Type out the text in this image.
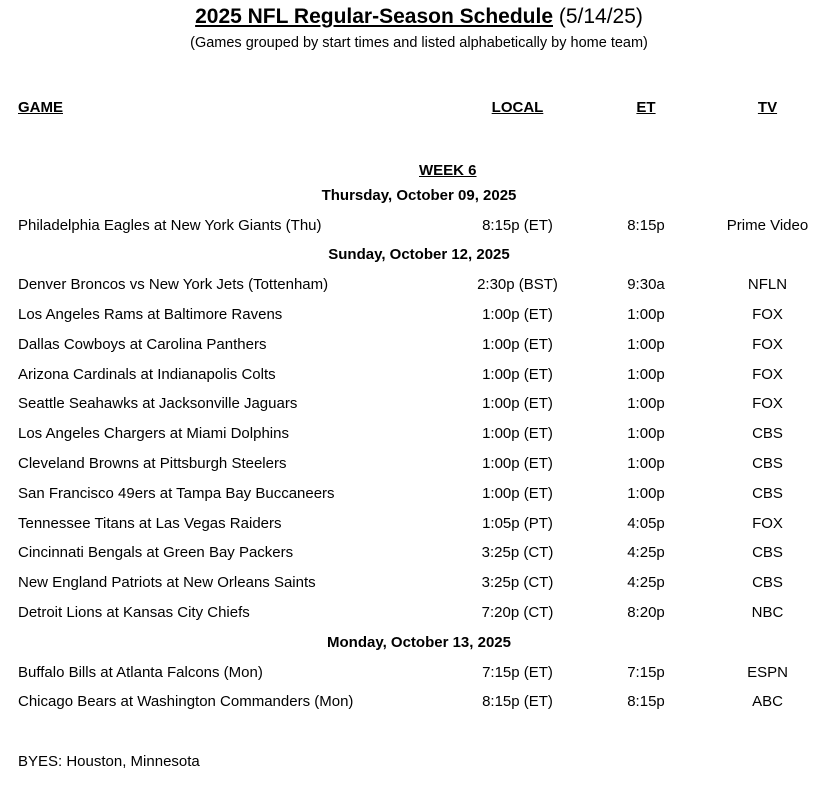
2025 NFL Regular-Season Schedule (5/14/25)
(Games grouped by start times and listed alphabetically by home team)
GAME	LOCAL	ET	TV
WEEK 6
Thursday, October 09, 2025
Philadelphia Eagles at New York Giants (Thu)	8:15p (ET)	8:15p	Prime Video
Sunday, October 12, 2025
Denver Broncos vs New York Jets (Tottenham)	2:30p (BST)	9:30a	NFLN
Los Angeles Rams at Baltimore Ravens	1:00p (ET)	1:00p	FOX
Dallas Cowboys at Carolina Panthers	1:00p (ET)	1:00p	FOX
Arizona Cardinals at Indianapolis Colts	1:00p (ET)	1:00p	FOX
Seattle Seahawks at Jacksonville Jaguars	1:00p (ET)	1:00p	FOX
Los Angeles Chargers at Miami Dolphins	1:00p (ET)	1:00p	CBS
Cleveland Browns at Pittsburgh Steelers	1:00p (ET)	1:00p	CBS
San Francisco 49ers at Tampa Bay Buccaneers	1:00p (ET)	1:00p	CBS
Tennessee Titans at Las Vegas Raiders	1:05p (PT)	4:05p	FOX
Cincinnati Bengals at Green Bay Packers	3:25p (CT)	4:25p	CBS
New England Patriots at New Orleans Saints	3:25p (CT)	4:25p	CBS
Detroit Lions at Kansas City Chiefs	7:20p (CT)	8:20p	NBC
Monday, October 13, 2025
Buffalo Bills at Atlanta Falcons (Mon)	7:15p (ET)	7:15p	ESPN
Chicago Bears at Washington Commanders (Mon)	8:15p (ET)	8:15p	ABC
BYES: Houston, Minnesota
